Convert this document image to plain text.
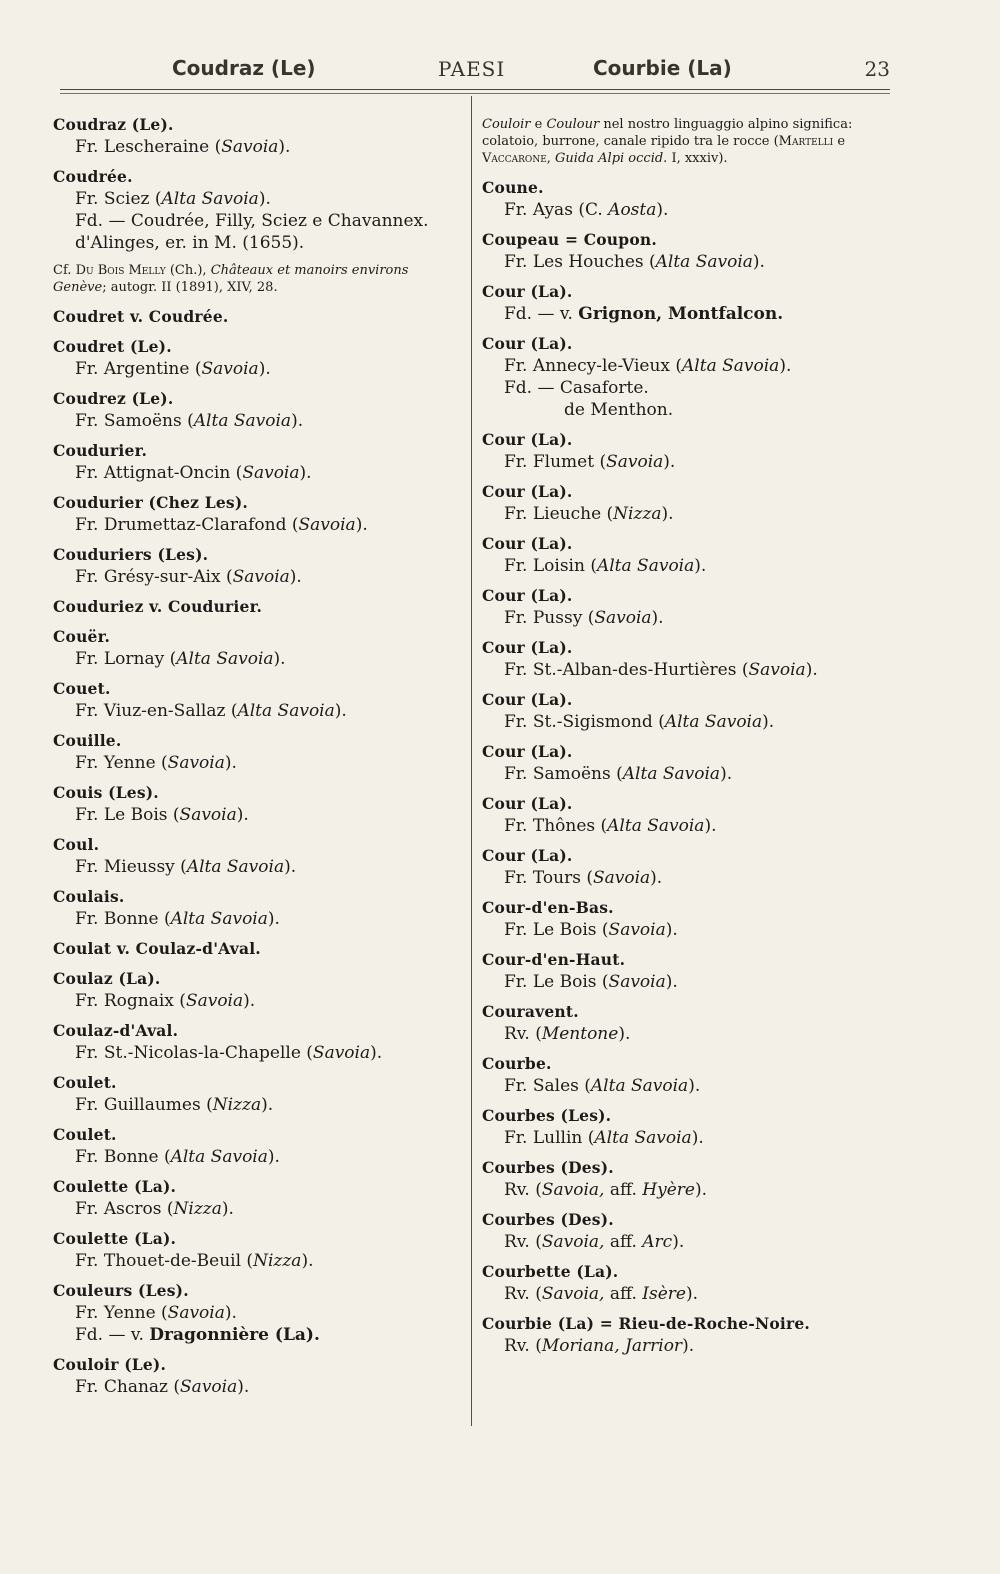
Coudraz (Le)	PAESI	Courbie (La)	23
Coudraz (Le).
Fr. Lescheraine (Savoia).
Coudrée.
Fr. Sciez (Alta Savoia).
Fd. — Coudrée, Filly, Sciez e Chavannex.
d'Alinges, er. in M. (1655).
Cf. Du Bois Melly (Ch.), Châteaux et manoirs environs Genève; autogr. II (1891), XIV, 28.
Coudret v. Coudrée.
Coudret (Le).
Fr. Argentine (Savoia).
Coudrez (Le).
Fr. Samoëns (Alta Savoia).
Coudurier.
Fr. Attignat-Oncin (Savoia).
Coudurier (Chez Les).
Fr. Drumettaz-Clarafond (Savoia).
Couduriers (Les).
Fr. Grésy-sur-Aix (Savoia).
Couduriez v. Coudurier.
Couër.
Fr. Lornay (Alta Savoia).
Couet.
Fr. Viuz-en-Sallaz (Alta Savoia).
Couille.
Fr. Yenne (Savoia).
Couis (Les).
Fr. Le Bois (Savoia).
Coul.
Fr. Mieussy (Alta Savoia).
Coulais.
Fr. Bonne (Alta Savoia).
Coulat v. Coulaz-d'Aval.
Coulaz (La).
Fr. Rognaix (Savoia).
Coulaz-d'Aval.
Fr. St.-Nicolas-la-Chapelle (Savoia).
Coulet.
Fr. Guillaumes (Nizza).
Coulet.
Fr. Bonne (Alta Savoia).
Coulette (La).
Fr. Ascros (Nizza).
Coulette (La).
Fr. Thouet-de-Beuil (Nizza).
Couleurs (Les).
Fr. Yenne (Savoia).
Fd. — v. Dragonnière (La).
Couloir (Le).
Fr. Chanaz (Savoia).
Couloir e Coulour nel nostro linguaggio alpino significa: colatoio, burrone, canale ripido tra le rocce (Martelli e Vaccarone, Guida Alpi occid. I, xxxiv).
Coune.
Fr. Ayas (C. Aosta).
Coupeau = Coupon.
Fr. Les Houches (Alta Savoia).
Cour (La).
Fd. — v. Grignon, Montfalcon.
Cour (La).
Fr. Annecy-le-Vieux (Alta Savoia).
Fd. — Casaforte.
de Menthon.
Cour (La).
Fr. Flumet (Savoia).
Cour (La).
Fr. Lieuche (Nizza).
Cour (La).
Fr. Loisin (Alta Savoia).
Cour (La).
Fr. Pussy (Savoia).
Cour (La).
Fr. St.-Alban-des-Hurtières (Savoia).
Cour (La).
Fr. St.-Sigismond (Alta Savoia).
Cour (La).
Fr. Samoëns (Alta Savoia).
Cour (La).
Fr. Thônes (Alta Savoia).
Cour (La).
Fr. Tours (Savoia).
Cour-d'en-Bas.
Fr. Le Bois (Savoia).
Cour-d'en-Haut.
Fr. Le Bois (Savoia).
Couravent.
Rv. (Mentone).
Courbe.
Fr. Sales (Alta Savoia).
Courbes (Les).
Fr. Lullin (Alta Savoia).
Courbes (Des).
Rv. (Savoia, aff. Hyère).
Courbes (Des).
Rv. (Savoia, aff. Arc).
Courbette (La).
Rv. (Savoia, aff. Isère).
Courbie (La) = Rieu-de-Roche-Noire.
Rv. (Moriana, Jarrior).
